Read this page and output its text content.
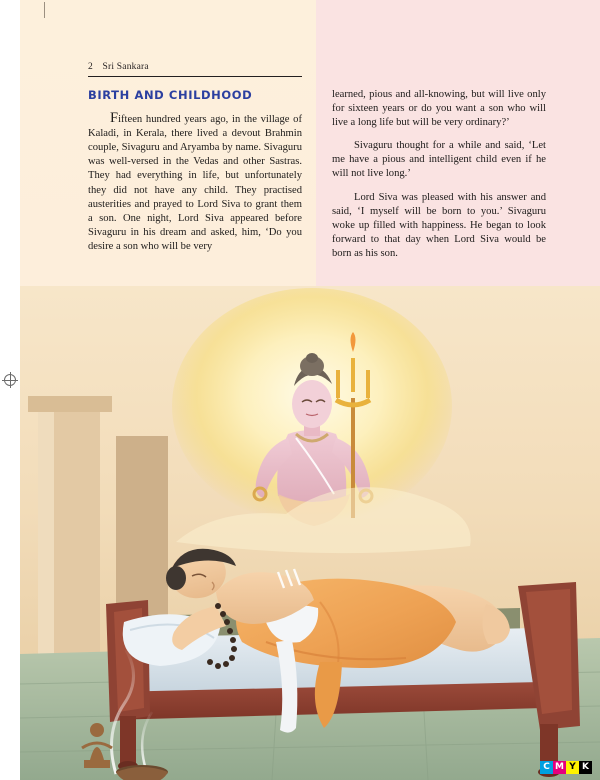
2 Sri Sankara
BIRTH AND CHILDHOOD

Fifteen hundred years ago, in the village of Kaladi, in Kerala, there lived a devout Brahmin couple, Sivaguru and Aryamba by name. Sivaguru was well-versed in the Vedas and other Sastras. They had everything in life, but unfortunately they did not have any child. They practised austerities and prayed to Lord Siva to grant them a son. One night, Lord Siva appeared before Sivaguru in his dream and asked, him, ‘Do you desire a son who will be very

learned, pious and all-knowing, but will live only for sixteen years or do you want a son who will live a long life but will be very ordinary?’

Sivaguru thought for a while and said, ‘Let me have a pious and intelligent child even if he will not live long.’

Lord Siva was pleased with his answer and said, ‘I myself will be born to you.’ Sivaguru woke up filled with happiness. He began to look forward to that day when Lord Siva would be born as his son.

C M Y K
